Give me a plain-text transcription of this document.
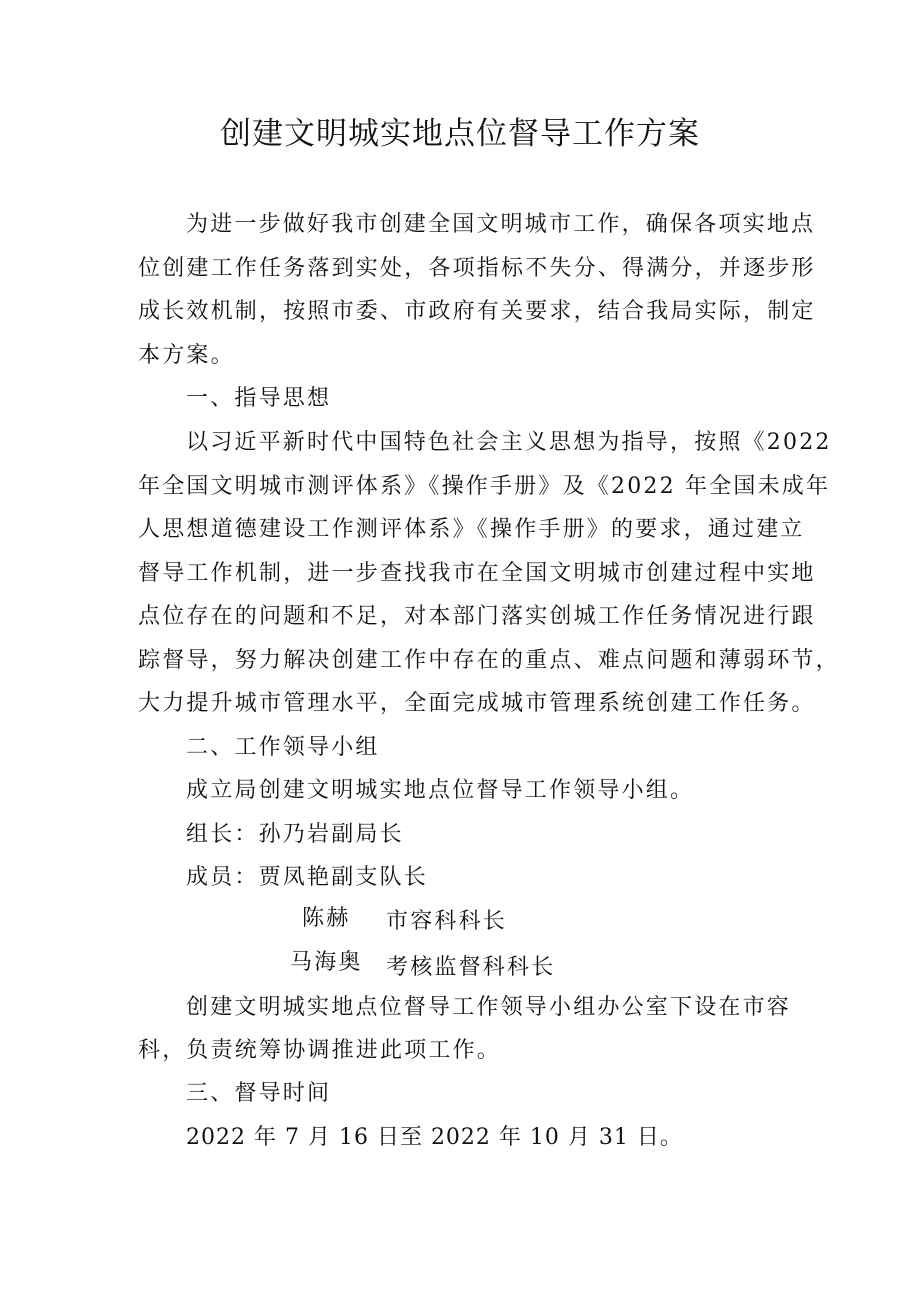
创建文明城实地点位督导工作方案
为进一步做好我市创建全国文明城市工作，确保各项实地点
位创建工作任务落到实处，各项指标不失分、得满分，并逐步形
成长效机制，按照市委、市政府有关要求，结合我局实际，制定
本方案。
一、指导思想
以习近平新时代中国特色社会主义思想为指导，按照《2022
年全国文明城市测评体系》《操作手册》及《2022 年全国未成年
人思想道德建设工作测评体系》《操作手册》的要求，通过建立
督导工作机制，进一步查找我市在全国文明城市创建过程中实地
点位存在的问题和不足，对本部门落实创城工作任务情况进行跟
踪督导，努力解决创建工作中存在的重点、难点问题和薄弱环节，
大力提升城市管理水平，全面完成城市管理系统创建工作任务。
二、工作领导小组
成立局创建文明城实地点位督导工作领导小组。
组长：孙乃岩副局长
成员：贾凤艳副支队长
陈赫 市容科科长
马海奥 考核监督科科长
创建文明城实地点位督导工作领导小组办公室下设在市容
科，负责统筹协调推进此项工作。
三、督导时间
2022 年 7 月 16 日至 2022 年 10 月 31 日。
